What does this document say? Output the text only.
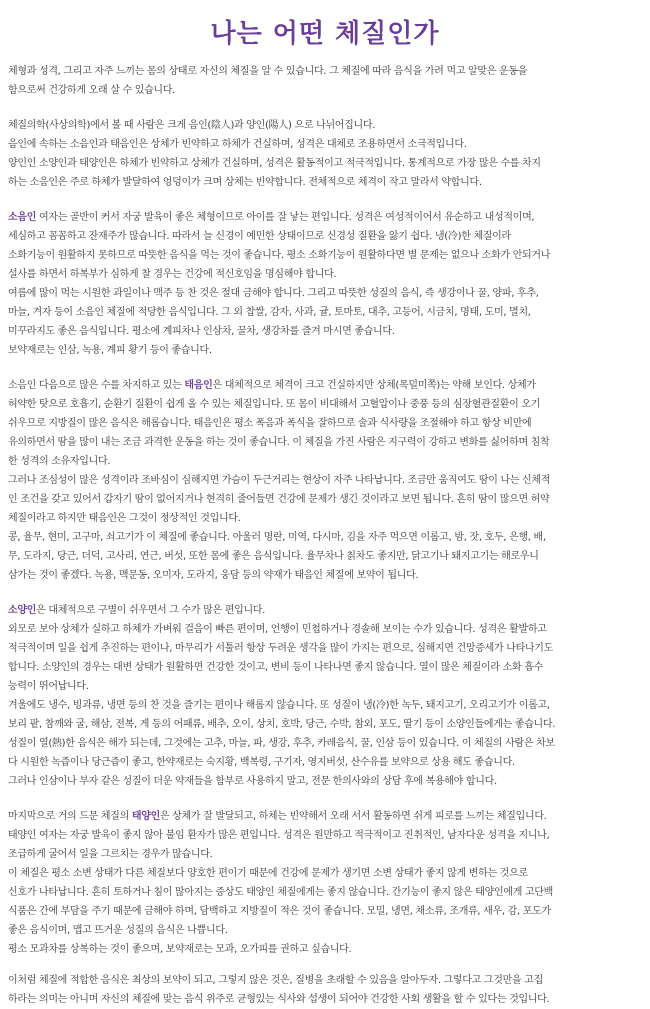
나는 어떤 체질인가

체형과 성격, 그리고 자주 느끼는 몸의 상태로 자신의 체질을 알 수 있습니다. 그 체질에 따라 음식을 가려 먹고 알맞은 운동을

함으로써 건강하게 오래 살 수 있습니다.

체질의학(사상의학)에서 볼 때 사람은 크게 음인(陰人)과 양인(陽人) 으로 나뉘어집니다.

음인에 속하는 소음인과 태음인은 상체가 빈약하고 하체가 건실하며, 성격은 대체로 조용하면서 소극적입니다.

양인인 소양인과 태양인은 하체가 빈약하고 상체가 건실하며, 성격은 활동적이고 적극적입니다. 통계적으로 가장 많은 수를 차지

하는 소음인은 주로 하체가 발달하여 엉덩이가 크며 상체는 빈약합니다. 전체적으로 체격이 작고 말라서 약합니다.

소음인 여자는 골반이 커서 자궁 발육이 좋은 체형이므로 아이를 잘 낳는 편입니다. 성격은 여성적이어서 유순하고 내성적이며,

세심하고 꼼꼼하고 잔재주가 많습니다. 따라서 늘 신경이 예민한 상태이므로 신경성 질환을 앓기 쉽다. 냉(冷)한 체질이라

소화기능이 원활하지 못하므로 따뜻한 음식을 먹는 것이 좋습니다. 평소 소화기능이 원활하다면 별 문제는 없으나 소화가 안되거나

설사를 하면서 하복부가 심하게 찰 경우는 건강에 적신호임을 명심해야 합니다.

여름에 많이 먹는 시원한 과일이나 맥주 등 찬 것은 절대 금해야 합니다. 그리고 따뜻한 성질의 음식, 즉 생강이나 꿀, 양파, 후추,

마늘, 겨자 등이 소음인 체질에 적당한 음식입니다. 그 외 찹쌀, 감자, 사과, 귤, 토마토, 대추, 고등어, 시금치, 명태, 도미, 멸치,

미꾸라지도 좋은 음식입니다. 평소에 계피차나 인삼차, 꿀차, 생강차를 즐겨 마시면 좋습니다.

보약재로는 인삼, 녹용, 계피 황기 등이 좋습니다.

소음인 다음으로 많은 수를 차지하고 있는 태음인은 대체적으로 체격이 크고 건실하지만 상체(목덜미쪽)는 약해 보인다. 상체가

허약한 탓으로 호흡기, 순환기 질환이 쉽게 올 수 있는 체질입니다. 또 몸이 비대해서 고혈압이나 중풍 등의 심장혈관질환이 오기

쉬우므로 지방질이 많은 음식은 해롭습니다. 태음인은 평소 폭음과 폭식을 잘하므로 술과 식사량을 조절해야 하고 항상 비만에

유의하면서 땀을 많이 내는 조금 과격한 운동을 하는 것이 좋습니다. 이 체질을 가진 사람은 지구력이 강하고 변화를 싫어하며 침착

한 성격의 소유자입니다.

그러나 조심성이 많은 성격이라 조바심이 심해지면 가슴이 두근거리는 현상이 자주 나타납니다. 조금만 움직여도 땀이 나는 신체적

인 조건을 갖고 있어서 갑자기 땀이 없어지거나 현격히 줄어들면 건강에 문제가 생긴 것이라고 보면 됩니다. 흔히 땀이 많으면 허약

체질이라고 하지만 태음인은 그것이 정상적인 것입니다.

콩, 율무, 현미, 고구마, 쇠고기가 이 체질에 좋습니다. 아울러 명란, 미역, 다시마, 김을 자주 먹으면 이롭고, 밤, 잣, 호두, 은행, 배,

무, 도라지, 당근, 더덕, 고사리, 연근, 버섯, 또한 몸에 좋은 음식입니다. 율무차나 칡차도 좋지만, 닭고기나 돼지고기는 해로우니

삼가는 것이 좋겠다. 녹용, 맥문동, 오미자, 도라지, 웅담 등의 약재가 태음인 체질에 보약이 됩니다.

소양인은 대체적으로 구별이 쉬우면서 그 수가 많은 편입니다.

외모로 보아 상체가 실하고 하체가 가벼워 걸음이 빠른 편이며, 언행이 민첩하거나 경솔해 보이는 수가 있습니다. 성격은 활발하고

적극적이며 일을 쉽게 추진하는 편이나, 마무리가 서툴러 항상 두려운 생각을 많이 가지는 편으로, 심해지면 건망증세가 나타나기도

합니다. 소양인의 경우는 대변 상태가 원활하면 건강한 것이고, 변비 등이 나타나면 좋지 않습니다. 열이 많은 체질이라 소화 흡수

능력이 뛰어납니다.

겨울에도 냉수, 빙과류, 냉면 등의 찬 것을 즐기는 편이나 해롭지 않습니다. 또 성질이 냉(冷)한 녹두, 돼지고기, 오리고기가 이롭고,

보리 팥, 참깨와 굴, 해삼, 전복, 게 등의 어패류, 배추, 오이, 상치, 호박, 당근, 수박, 참외, 포도, 딸기 등이 소양인들에게는 좋습니다.

성질이 열(熱)한 음식은 해가 되는데, 그것에는 고추, 마늘, 파, 생강, 후추, 카레음식, 꿀, 인삼 등이 있습니다. 이 체질의 사람은 차보

다 시원한 녹즙이나 당근즙이 좋고, 한약재로는 숙지황, 백복령, 구기자, 영지버섯, 산수유를 보약으로 상용 해도 좋습니다.

그러나 인삼이나 부자 같은 성질이 더운 약재들을 함부로 사용하지 말고, 전문 한의사와의 상담 후에 복용해야 합니다.

마지막으로 거의 드문 체질의 태양인은 상체가 잘 발달되고, 하체는 빈약해서 오래 서서 활동하면 쉬게 피로를 느끼는 체질입니다.

태양인 여자는 자궁 발육이 좋지 않아 불임 환자가 많은 편입니다. 성격은 원만하고 적극적이고 진취적인, 남자다운 성격을 지니나,

조급하게 굴어서 일을 그르치는 경우가 많습니다.

이 체질은 평소 소변 상태가 다른 체질보다 양호한 편이기 때문에 건강에 문제가 생기면 소변 상태가 좋지 않게 변하는 것으로

신호가 나타납니다. 흔히 토하거나 침이 많아지는 증상도 태양인 체질에게는 좋지 않습니다. 간기능이 좋지 않은 태양인에게 고단백

식품은 간에 부담을 주기 때문에 금해야 하며, 담백하고 지방질이 적은 것이 좋습니다. 모밀, 냉면, 채소류, 조개류, 새우, 감, 포도가

좋은 음식이며, 맵고 뜨거운 성질의 음식은 나쁩니다.

평소 모과차를 상복하는 것이 좋으며, 보약재로는 모과, 오가피를 권하고 싶습니다.

이처럼 체질에 적합한 음식은 최상의 보약이 되고, 그렇지 않은 것은, 질병을 초래할 수 있음을 알아두자. 그렇다고 그것만을 고집

하라는 의미는 아니며 자신의 체질에 맞는 음식 위주로 균형있는 식사와 섭생이 되어야 건강한 사회 생활을 할 수 있다는 것입니다.
